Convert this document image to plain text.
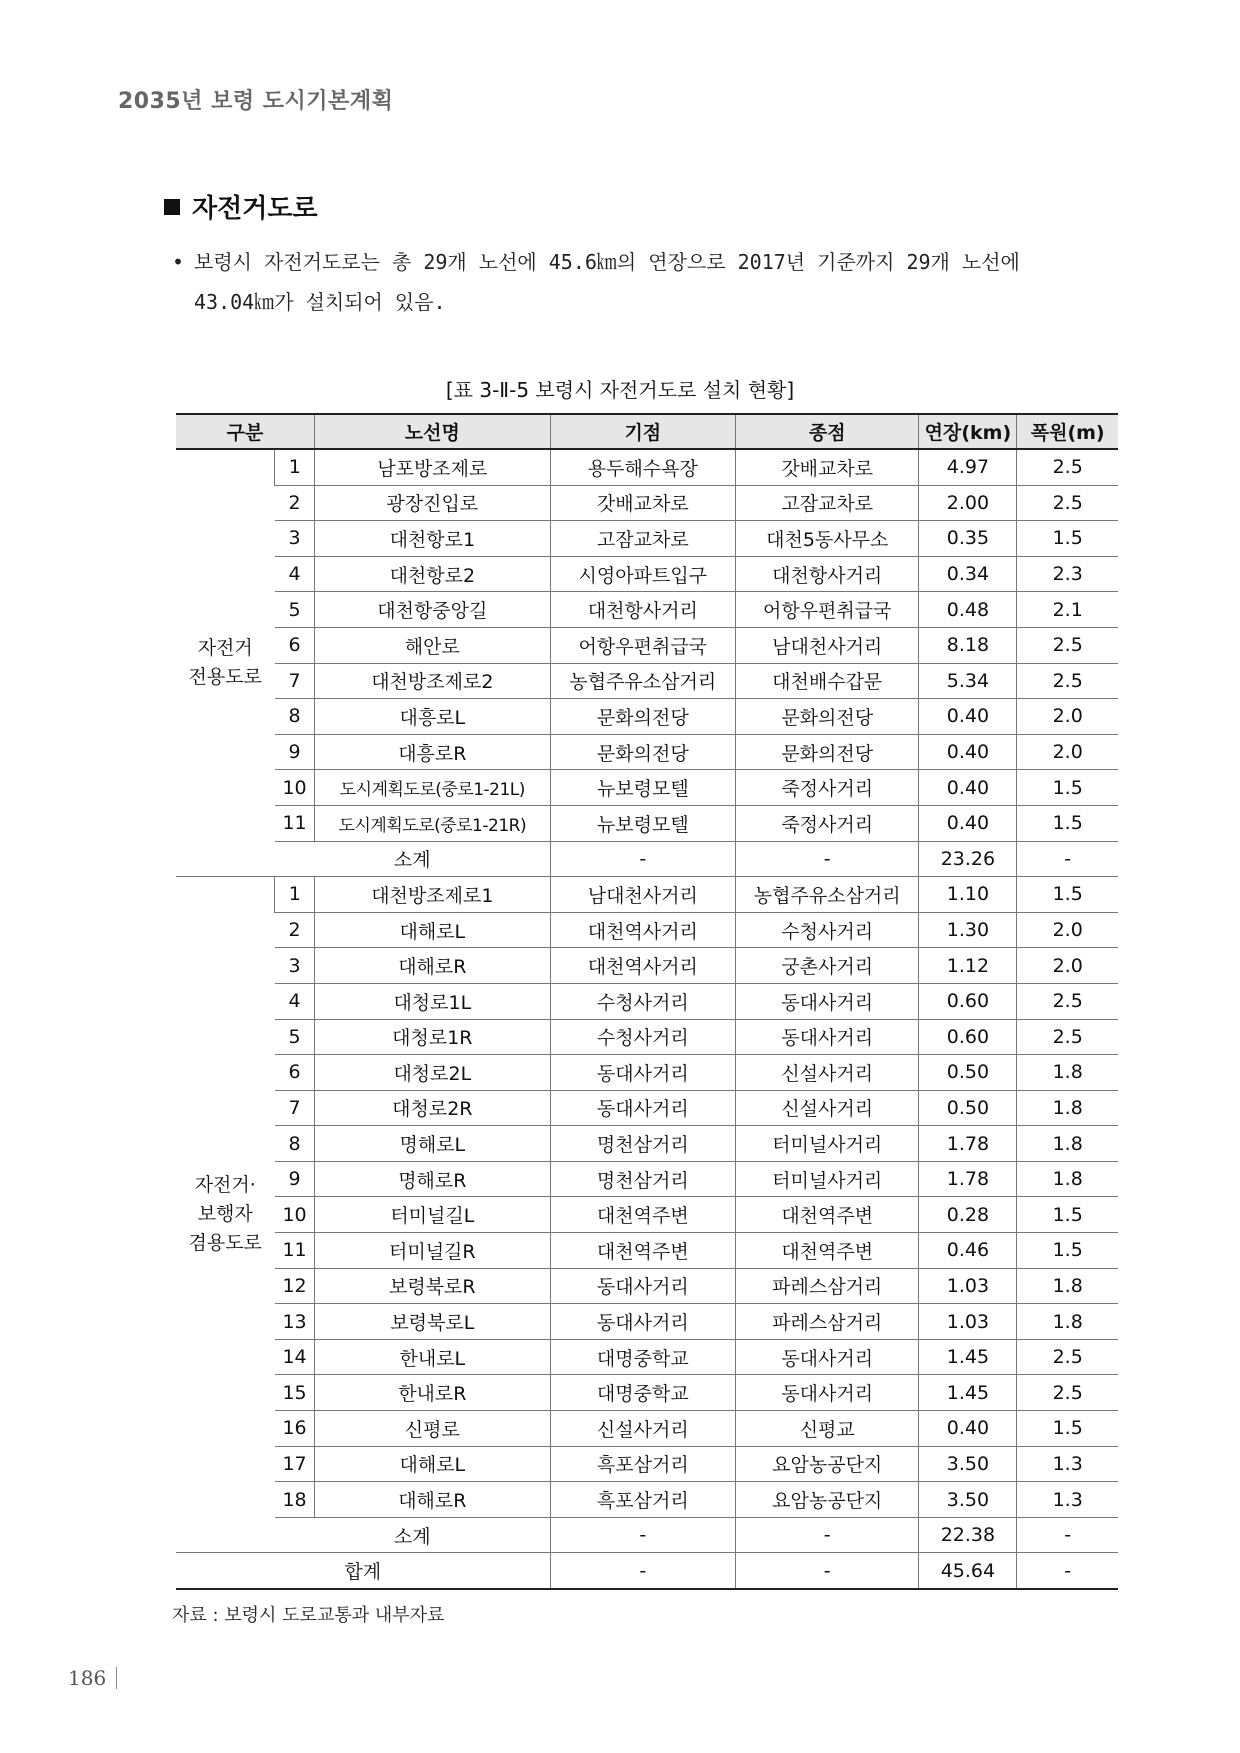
2035년 보령 도시기본계획
자전거도로
• 보령시 자전거도로는 총 29개 노선에 45.6㎞의 연장으로 2017년 기준까지 29개 노선에
43.04㎞가 설치되어 있음.
[표 3-Ⅱ-5 보령시 자전거도로 설치 현황]
구분		노선명	기점	종점	연장(km)	폭원(m)

자전거
전용도로	1	남포방조제로	용두해수욕장	갓배교차로	4.97	2.5
	2	광장진입로	갓배교차로	고잠교차로	2.00	2.5
	3	대천항로1	고잠교차로	대천5동사무소	0.35	1.5
	4	대천항로2	시영아파트입구	대천항사거리	0.34	2.3
	5	대천항중앙길	대천항사거리	어항우편취급국	0.48	2.1
	6	해안로	어항우편취급국	남대천사거리	8.18	2.5
	7	대천방조제로2	농협주유소삼거리	대천배수갑문	5.34	2.5
	8	대흥로L	문화의전당	문화의전당	0.40	2.0
	9	대흥로R	문화의전당	문화의전당	0.40	2.0
	10	도시계획도로(중로1-21L)	뉴보령모텔	죽정사거리	0.40	1.5
	11	도시계획도로(중로1-21R)	뉴보령모텔	죽정사거리	0.40	1.5
	소계		-	-	23.26	-

자전거·
보행자
겸용도로	1	대천방조제로1	남대천사거리	농협주유소삼거리	1.10	1.5
	2	대해로L	대천역사거리	수청사거리	1.30	2.0
	3	대해로R	대천역사거리	궁촌사거리	1.12	2.0
	4	대청로1L	수청사거리	동대사거리	0.60	2.5
	5	대청로1R	수청사거리	동대사거리	0.60	2.5
	6	대청로2L	동대사거리	신설사거리	0.50	1.8
	7	대청로2R	동대사거리	신설사거리	0.50	1.8
	8	명해로L	명천삼거리	터미널사거리	1.78	1.8
	9	명해로R	명천삼거리	터미널사거리	1.78	1.8
	10	터미널길L	대천역주변	대천역주변	0.28	1.5
	11	터미널길R	대천역주변	대천역주변	0.46	1.5
	12	보령북로R	동대사거리	파레스삼거리	1.03	1.8
	13	보령북로L	동대사거리	파레스삼거리	1.03	1.8
	14	한내로L	대명중학교	동대사거리	1.45	2.5
	15	한내로R	대명중학교	동대사거리	1.45	2.5
	16	신평로	신설사거리	신평교	0.40	1.5
	17	대해로L	흑포삼거리	요암농공단지	3.50	1.3
	18	대해로R	흑포삼거리	요암농공단지	3.50	1.3
	소계		-	-	22.38	-
합계			-	-	45.64	-
자료 : 보령시 도로교통과 내부자료
186
